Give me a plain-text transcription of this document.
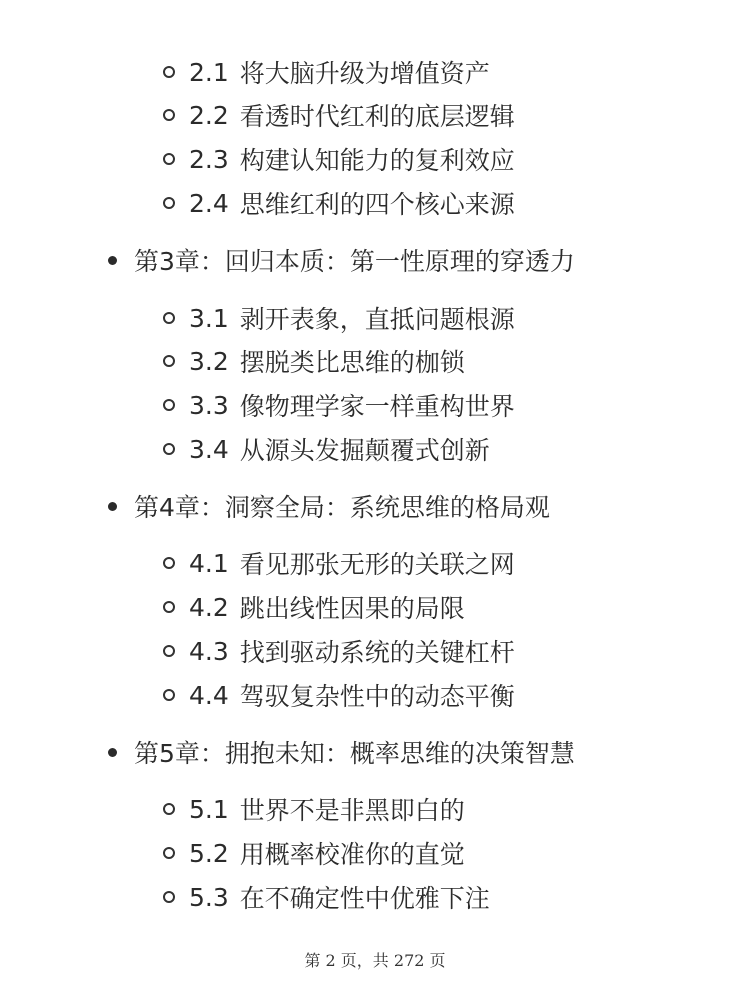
2.1 将大脑升级为增值资产
2.2 看透时代红利的底层逻辑
2.3 构建认知能力的复利效应
2.4 思维红利的四个核心来源
第3章：回归本质：第一性原理的穿透力
3.1 剥开表象，直抵问题根源
3.2 摆脱类比思维的枷锁
3.3 像物理学家一样重构世界
3.4 从源头发掘颠覆式创新
第4章：洞察全局：系统思维的格局观
4.1 看见那张无形的关联之网
4.2 跳出线性因果的局限
4.3 找到驱动系统的关键杠杆
4.4 驾驭复杂性中的动态平衡
第5章：拥抱未知：概率思维的决策智慧
5.1 世界不是非黑即白的
5.2 用概率校准你的直觉
5.3 在不确定性中优雅下注
第 2 页，共 272 页
